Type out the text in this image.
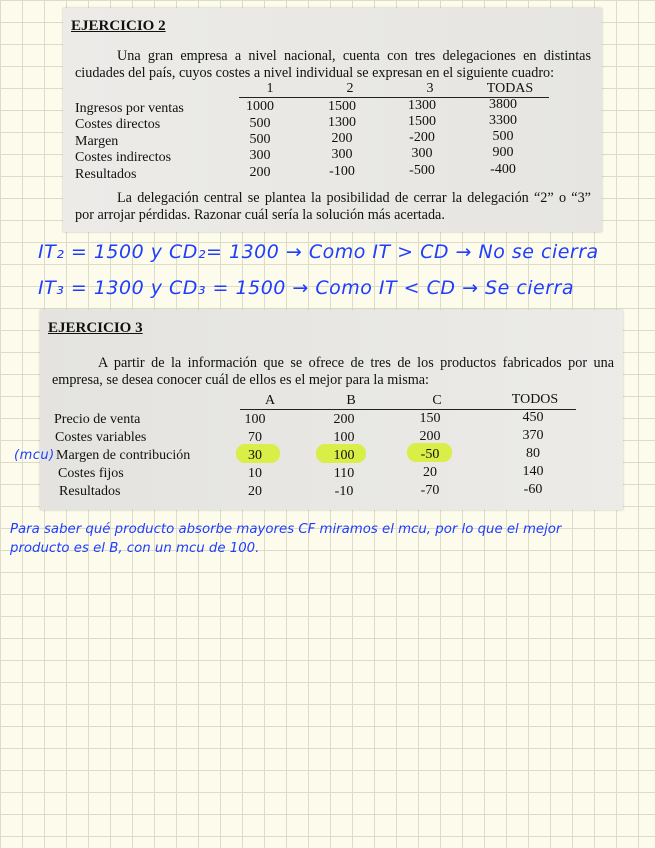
EJERCICIO 2
Una gran empresa a nivel nacional, cuenta con tres delegaciones en distintas ciudades del país, cuyos costes a nivel individual se expresan en el siguiente cuadro:
1	2	3	TODAS
Ingresos por ventas	1000	1500	1300	3800
Costes directos	500	1300	1500	3300
Margen	500	200	-200	500
Costes indirectos	300	300	300	900
Resultados	200	-100	-500	-400
La delegación central se plantea la posibilidad de cerrar la delegación “2” o “3” por arrojar pérdidas. Razonar cuál sería la solución más acertada.
IT₂ = 1500 y CD₂= 1300 → Como IT > CD → No se cierra
IT₃ = 1300 y CD₃ = 1500 → Como IT < CD → Se cierra
EJERCICIO 3
A partir de la información que se ofrece de tres de los productos fabricados por una empresa, se desea conocer cuál de ellos es el mejor para la misma:
A	B	C	TODOS
Precio de venta	100	200	150	450
Costes variables	70	100	200	370
Margen de contribución	30	100	-50	80
Costes fijos	10	110	20	140
Resultados	20	-10	-70	-60
(mcu)
Para saber qué producto absorbe mayores CF miramos el mcu, por lo que el mejor
producto es el B, con un mcu de 100.
